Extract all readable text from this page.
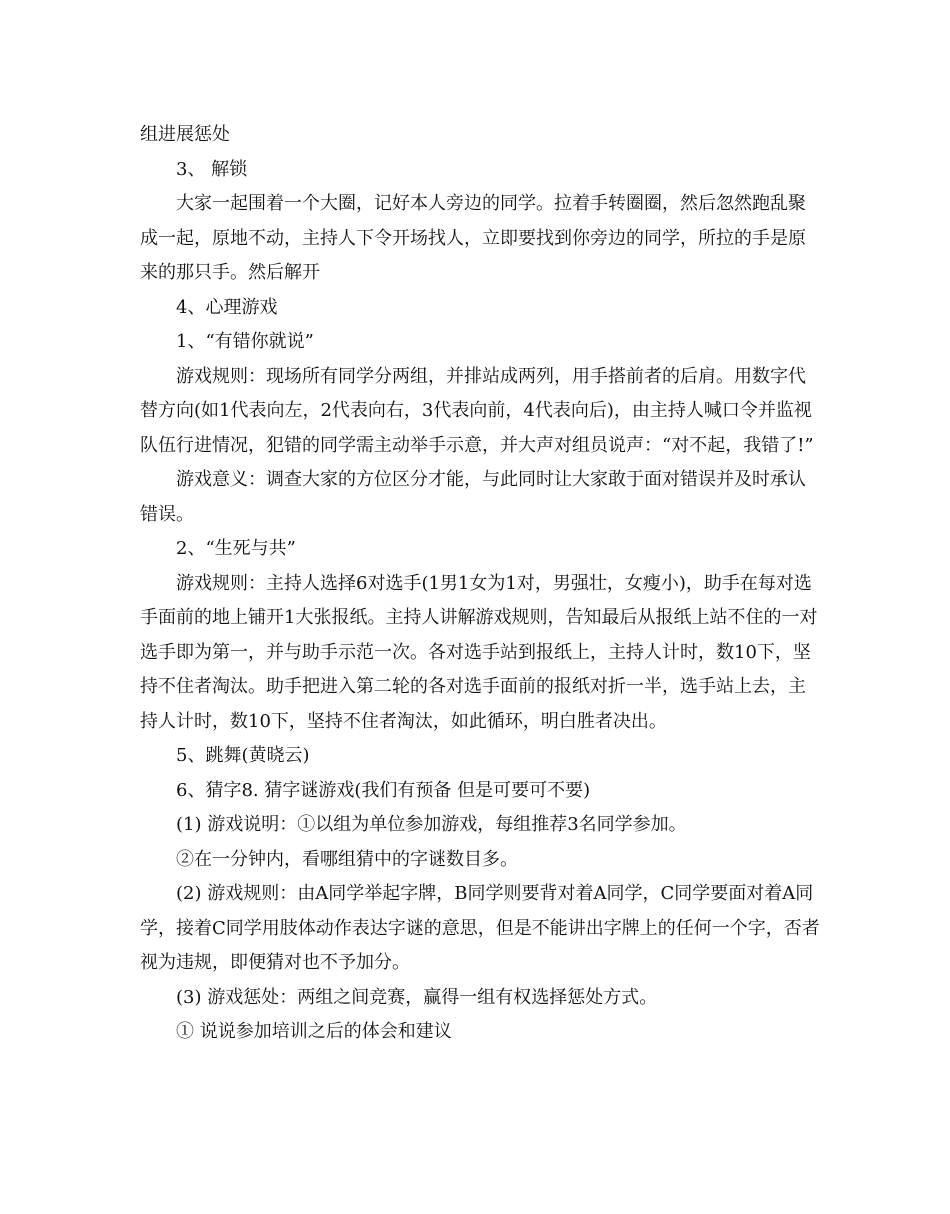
组进展惩处

3、 解锁

大家一起围着一个大圈，记好本人旁边的同学。拉着手转圈圈，然后忽然跑乱聚成一起，原地不动，主持人下令开场找人，立即要找到你旁边的同学，所拉的手是原来的那只手。然后解开

4、心理游戏

1、“有错你就说”

游戏规则：现场所有同学分两组，并排站成两列，用手搭前者的后肩。用数字代替方向(如1代表向左，2代表向右，3代表向前，4代表向后)，由主持人喊口令并监视队伍行进情况，犯错的同学需主动举手示意，并大声对组员说声：“对不起，我错了!”

游戏意义：调查大家的方位区分才能，与此同时让大家敢于面对错误并及时承认错误。

2、“生死与共”

游戏规则：主持人选择6对选手(1男1女为1对，男强壮，女瘦小)，助手在每对选手面前的地上铺开1大张报纸。主持人讲解游戏规则，告知最后从报纸上站不住的一对选手即为第一，并与助手示范一次。各对选手站到报纸上，主持人计时，数10下，坚持不住者淘汰。助手把进入第二轮的各对选手面前的报纸对折一半，选手站上去，主持人计时，数10下，坚持不住者淘汰，如此循环，明白胜者决出。

5、跳舞(黄晓云)

6、猜字8. 猜字谜游戏(我们有预备 但是可要可不要)

(1) 游戏说明：①以组为单位参加游戏，每组推荐3名同学参加。

②在一分钟内，看哪组猜中的字谜数目多。

(2) 游戏规则：由A同学举起字牌，B同学则要背对着A同学，C同学要面对着A同学，接着C同学用肢体动作表达字谜的意思，但是不能讲出字牌上的任何一个字，否者视为违规，即便猜对也不予加分。

(3) 游戏惩处：两组之间竞赛，赢得一组有权选择惩处方式。

① 说说参加培训之后的体会和建议
